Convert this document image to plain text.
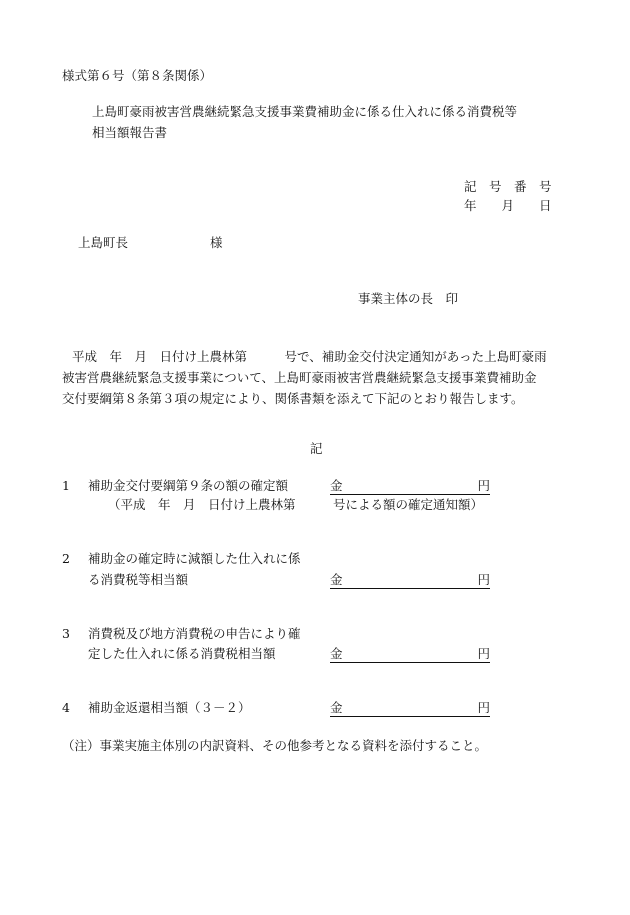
様式第６号（第８条関係）
上島町豪雨被害営農継続緊急支援事業費補助金に係る仕入れに係る消費税等
相当額報告書
記　号　番　号
年　　月　　日
上島町長	様
事業主体の長　印
平成　年　月　日付け上農林第　　　号で、補助金交付決定通知があった上島町豪雨
被害営農継続緊急支援事業について、上島町豪雨被害営農継続緊急支援事業費補助金
交付要綱第８条第３項の規定により、関係書類を添えて下記のとおり報告します。
記
1 補助金交付要綱第９条の額の確定額	金	円
（平成　年　月　日付け上農林第　　　号による額の確定通知額）
2 補助金の確定時に減額した仕入れに係
る消費税等相当額	金	円
3 消費税及び地方消費税の申告により確
定した仕入れに係る消費税相当額	金	円
4 補助金返還相当額（３－２）	金	円
（注）事業実施主体別の内訳資料、その他参考となる資料を添付すること。
